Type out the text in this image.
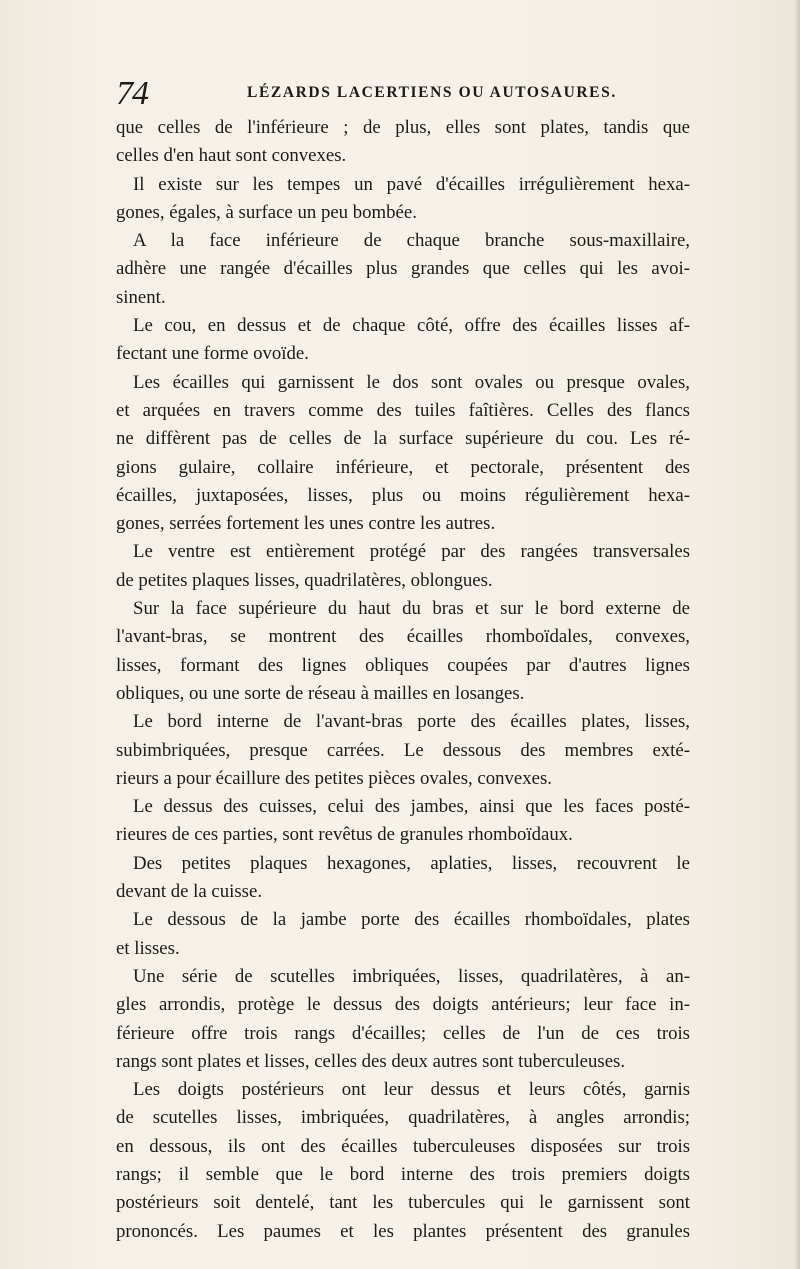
74	LÉZARDS LACERTIENS OU AUTOSAURES.
que celles de l'inférieure ; de plus, elles sont plates, tandis que
celles d'en haut sont convexes.
Il existe sur les tempes un pavé d'écailles irrégulièrement hexa-
gones, égales, à surface un peu bombée.
A la face inférieure de chaque branche sous-maxillaire,
adhère une rangée d'écailles plus grandes que celles qui les avoi-
sinent.
Le cou, en dessus et de chaque côté, offre des écailles lisses af-
fectant une forme ovoïde.
Les écailles qui garnissent le dos sont ovales ou presque ovales,
et arquées en travers comme des tuiles faîtières. Celles des flancs
ne diffèrent pas de celles de la surface supérieure du cou. Les ré-
gions gulaire, collaire inférieure, et pectorale, présentent des
écailles, juxtaposées, lisses, plus ou moins régulièrement hexa-
gones, serrées fortement les unes contre les autres.
Le ventre est entièrement protégé par des rangées transversales
de petites plaques lisses, quadrilatères, oblongues.
Sur la face supérieure du haut du bras et sur le bord externe de
l'avant-bras, se montrent des écailles rhomboïdales, convexes,
lisses, formant des lignes obliques coupées par d'autres lignes
obliques, ou une sorte de réseau à mailles en losanges.
Le bord interne de l'avant-bras porte des écailles plates, lisses,
subimbriquées, presque carrées. Le dessous des membres exté-
rieurs a pour écaillure des petites pièces ovales, convexes.
Le dessus des cuisses, celui des jambes, ainsi que les faces posté-
rieures de ces parties, sont revêtus de granules rhomboïdaux.
Des petites plaques hexagones, aplaties, lisses, recouvrent le
devant de la cuisse.
Le dessous de la jambe porte des écailles rhomboïdales, plates
et lisses.
Une série de scutelles imbriquées, lisses, quadrilatères, à an-
gles arrondis, protège le dessus des doigts antérieurs; leur face in-
férieure offre trois rangs d'écailles; celles de l'un de ces trois
rangs sont plates et lisses, celles des deux autres sont tuberculeuses.
Les doigts postérieurs ont leur dessus et leurs côtés, garnis
de scutelles lisses, imbriquées, quadrilatères, à angles arrondis;
en dessous, ils ont des écailles tuberculeuses disposées sur trois
rangs; il semble que le bord interne des trois premiers doigts
postérieurs soit dentelé, tant les tubercules qui le garnissent sont
prononcés. Les paumes et les plantes présentent des granules
